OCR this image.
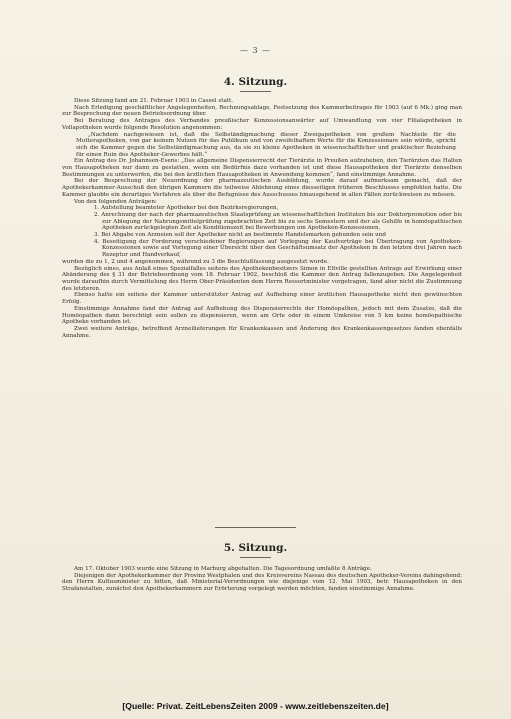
— 3 —
4. Sitzung.

Diese Sitzung fand am 21. Februar 1903 in Cassel statt.

Nach Erledigung geschäftlicher Angelegenheiten, Rechnungsablage, Festsetzung des Kammerbeitrages für 1903 (auf 6 Mk.) ging man zur Besprechung der neuen Betriebsordnung über.

Bei Beratung des Antrages des Verbandes preußischer Konzessionsanwärter auf Umwandlung von vier Filialapotheken in Vollapotheken wurde folgende Resolution angenommen:

„Nachdem nachgewiesen ist, daß die Selbständigmachung dieser Zweigapotheken von großem Nachteile für die Mutterapotheken, von gar keinem Nutzen für das Publikum und von zweifelhaftem Werte für die Konzessionare sein würde, spricht sich die Kammer gegen die Selbständigmachung aus, da sie zu kleine Apotheken in wissenschaftlicher und praktischer Beziehung für einen Ruin des Apotheker-Gewerbes hält.“

Ein Antrag des Dr. Johannsen-Esens: „Das allgemeine Dispensierrecht der Tierärzte in Preußen aufzuheben, den Tierärzten das Halten von Hausapotheken nur dann zu gestatten, wenn ein Bedürfnis dazu vorhanden ist und diese Hausapotheken der Tierärzte denselben Bestimmungen zu unterwerfen, die bei den ärztlichen Hausapotheken in Anwendung kommen“, fand einstimmige Annahme.

Bei der Besprechung der Neuordnung der pharmazeutischen Ausbildung, wurde darauf aufmerksam gemacht, daß der Apothekerkammer-Ausschuß den übrigen Kammern die teilweise Ablehnung eines diesseitigen früheren Beschlusses empfohlen hatte. Die Kammer glaubte ein derartiges Verfahren als über die Befugnisse des Ausschusses hinausgehend in allen Fällen zurückweisen zu müssen.

Von den folgenden Anträgen:

1. Aufstellung beamteter Apotheker bei den Bezirksregierungen,
2. Anrechnung der nach der pharmazeutischen Staatsprüfung an wissenschaftlichen Instituten bis zur Doktorpromotion oder bis zur Ablegung der Nahrungsmittelprüfung zugebrachten Zeit bis zu sechs Semestern und der als Gehilfe in homöopathischen Apotheken zurückgelegten Zeit als Konditionszeit bei Bewerbungen um Apotheken-Konzessionen,
3. Bei Abgabe von Arzneien soll der Apotheker nicht an bestimmte Handelsmarken gebunden sein und
4. Beseitigung der Forderung verschiedener Regierungen auf Vorlegung der Kaufverträge bei Übertragung von Apotheken-Konzessionen sowie auf Vorlegung einer Übersicht über den Geschäftsumsatz der Apotheken in den letzten drei Jahren nach Rezeptur und Handverkauf,

wurden die zu 1, 2 und 4 angenommen, während zu 3 die Beschlußfassung ausgesetzt wurde.

Bezüglich eines, aus Anlaß eines Spezialfalles seitens des Apothekenbesitzers Simon in Eltville gestellten Antrags auf Erwirkung einer Abänderung des § 31 der Betriebsordnung vom 18. Februar 1902, beschloß die Kammer den Antrag fallenzugeben. Die Angelegenheit wurde daraufhin durch Vermittelung des Herrn Ober-Präsidenten dem Herrn Ressortminister vorgetragen, fand aber nicht die Zustimmung des letzteren.

Ebenso hatte ein seitens der Kammer unterstützter Antrag auf Aufhebung einer ärztlichen Hausapotheke nicht den gewünschten Erfolg.

Einstimmige Annahme fand der Antrag auf Aufhebung des Dispensierrechts der Homöopathen, jedoch mit dem Zusatze, daß die Homöopathen dann berechtigt sein sollen zu dispensieren, wenn am Orte oder in einem Umkreise von 5 km keine homöopathische Apotheke vorhanden ist.

Zwei weitere Anträge, betreffend Arzneilieferungen für Krankenkassen und Änderung des Krankenkassengesetzes fanden ebenfalls Annahme.

5. Sitzung.

Am 17. Oktober 1903 wurde eine Sitzung in Marburg abgehalten. Die Tagesordnung umfaßte 8 Anträge.

Diejenigen der Apothekerkammer der Provinz Westphalen und des Kreisvereins Nassau des deutschen Apotheker-Vereins dahingehend: den Herrn Kultusminister zu bitten, daß Ministerial-Verordnungen wie diejenige vom 12. Mai 1903, betr. Hausapotheken in den Strafanstalten, zunächst den Apothekerkammern zur Erörterung vorgelegt werden möchten, fanden einstimmige Annahme.

[Quelle: Privat. ZeitLebensZeiten 2009 - www.zeitlebenszeiten.de]
